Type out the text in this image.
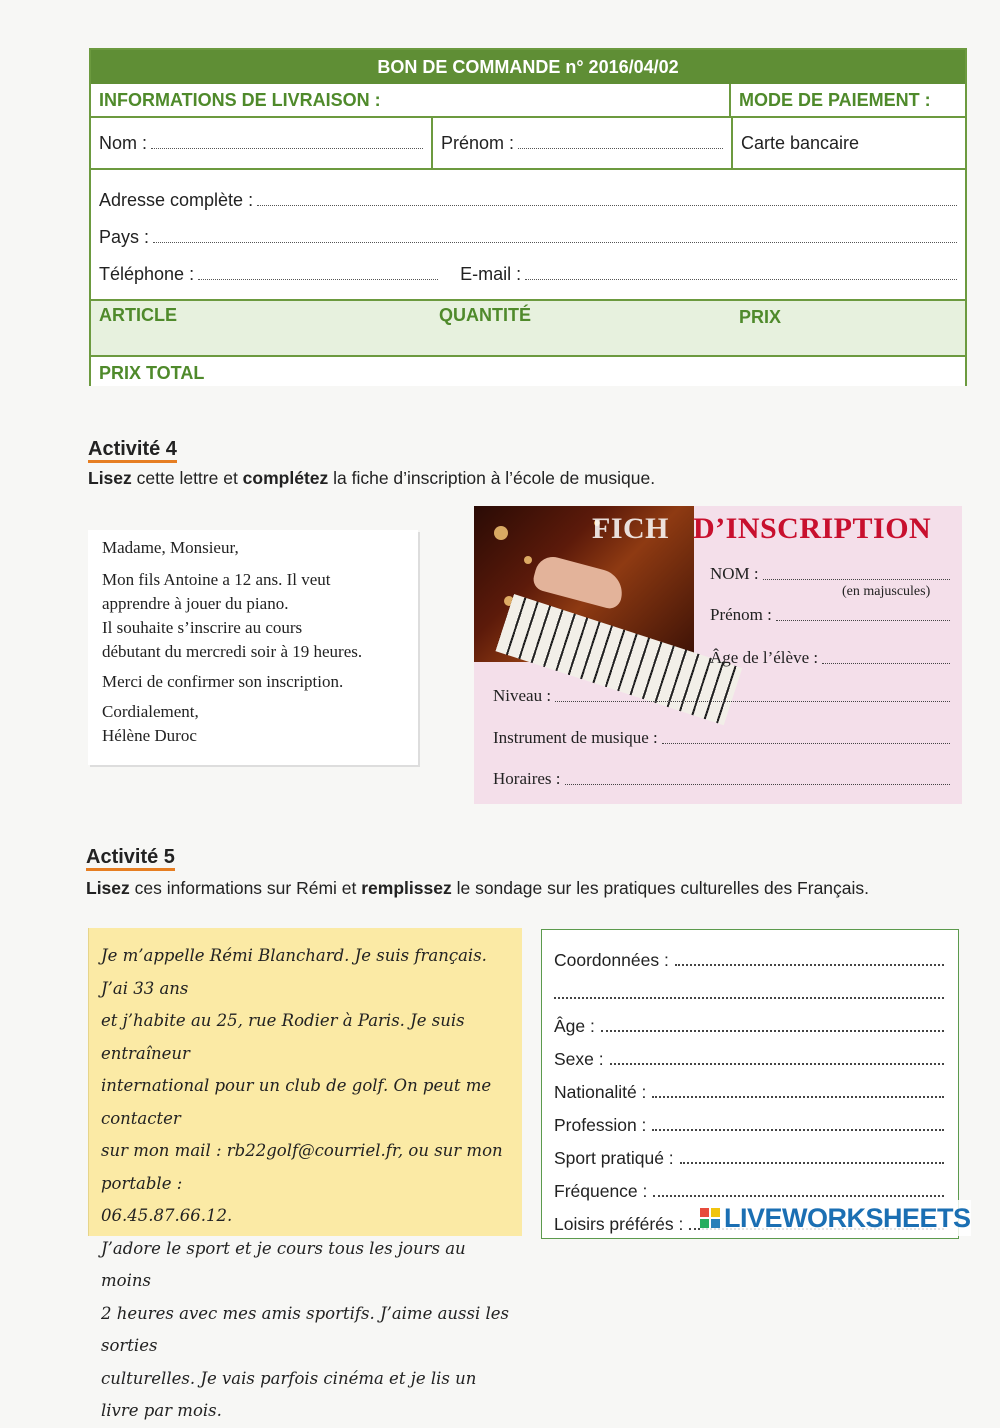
BON DE COMMANDE n° 2016/04/02
INFORMATIONS DE LIVRAISON :	MODE DE PAIEMENT :
Nom :	Prénom :	Carte bancaire
Adresse complète :
Pays :
Téléphone :	E-mail :
ARTICLE	QUANTITÉ	PRIX
PRIX TOTAL
Activité 4
Lisez cette lettre et complétez la fiche d’inscription à l’école de musique.

Madame, Monsieur,

Mon fils Antoine a 12 ans. Il veut
apprendre à jouer du piano.
Il souhaite s’inscrire au cours
débutant du mercredi soir à 19 heures.

Merci de confirmer son inscription.

Cordialement,
Hélène Duroc
FICH D’INSCRIPTION
NOM :
(en majuscules)
Prénom :
Âge de l’élève :
Niveau :
Instrument de musique :
Horaires :
Activité 5
Lisez ces informations sur Rémi et remplissez le sondage sur les pratiques culturelles des Français.

Je m’appelle Rémi Blanchard. Je suis français. J’ai 33 ans

et j’habite au 25, rue Rodier à Paris. Je suis entraîneur

international pour un club de golf. On peut me contacter

sur mon mail : rb22golf@courriel.fr, ou sur mon portable :

06.45.87.66.12.

J’adore le sport et je cours tous les jours au moins

2 heures avec mes amis sportifs. J’aime aussi les sorties

culturelles. Je vais parfois cinéma et je lis un livre par mois.

Coordonnées :
Âge :
Sexe :
Nationalité :
Profession :
Sport pratiqué :
Fréquence :
Loisirs préférés : LIVEWORKSHEETS
